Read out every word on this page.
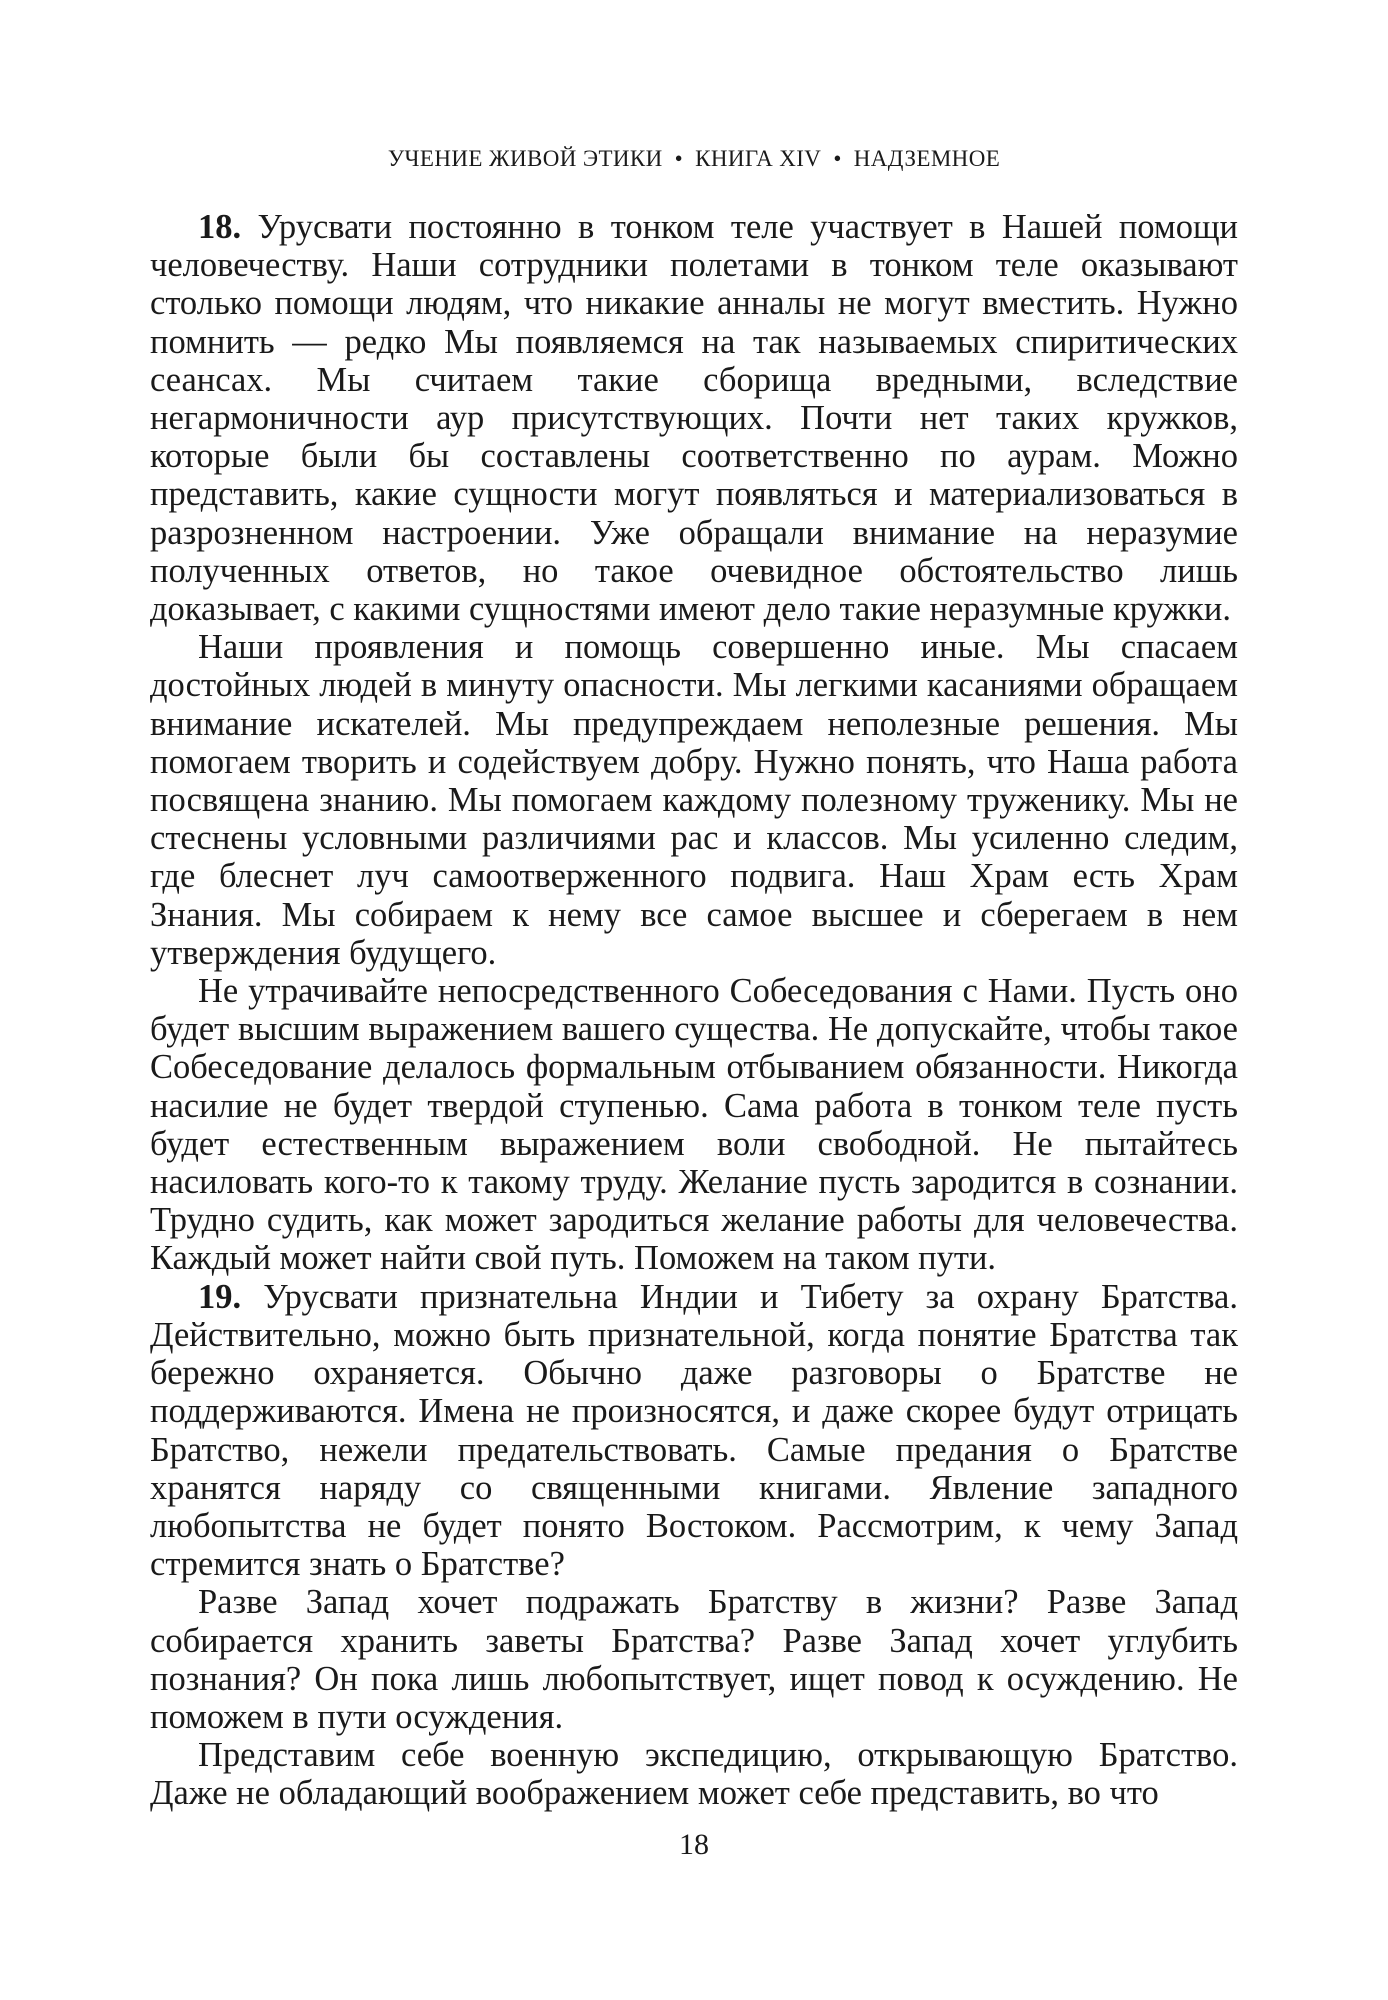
УЧЕНИЕ ЖИВОЙ ЭТИКИ • КНИГА XIV • НАДЗЕМНОЕ

18. Урусвати постоянно в тонком теле участвует в Нашей помощи человечеству. Наши сотрудники полетами в тонком теле оказывают столько помощи людям, что никакие анналы не могут вместить. Нужно помнить — редко Мы появляемся на так называемых спиритических сеансах. Мы считаем такие сборища вредными, вследствие негармоничности аур присутствующих. Почти нет таких кружков, которые были бы составлены соответственно по аурам. Можно представить, какие сущности могут появляться и материализоваться в разрозненном настроении. Уже обращали внимание на неразумие полученных ответов, но такое очевидное обстоятельство лишь доказывает, с какими сущностями имеют дело такие неразумные кружки.

Наши проявления и помощь совершенно иные. Мы спасаем достойных людей в минуту опасности. Мы легкими касаниями обращаем внимание искателей. Мы предупреждаем неполезные решения. Мы помогаем творить и содействуем добру. Нужно понять, что Наша работа посвящена знанию. Мы помогаем каждому полезному труженику. Мы не стеснены условными различиями рас и классов. Мы усиленно следим, где блеснет луч самоотверженного подвига. Наш Храм есть Храм Знания. Мы собираем к нему все самое высшее и сберегаем в нем утверждения будущего.

Не утрачивайте непосредственного Собеседования с Нами. Пусть оно будет высшим выражением вашего существа. Не допускайте, чтобы такое Собеседование делалось формальным отбыванием обязанности. Никогда насилие не будет твердой ступенью. Сама работа в тонком теле пусть будет естественным выражением воли свободной. Не пытайтесь насиловать кого-то к такому труду. Желание пусть зародится в сознании. Трудно судить, как может зародиться желание работы для человечества. Каждый может найти свой путь. Поможем на таком пути.

19. Урусвати признательна Индии и Тибету за охрану Братства. Действительно, можно быть признательной, когда понятие Братства так бережно охраняется. Обычно даже разговоры о Братстве не поддерживаются. Имена не произносятся, и даже скорее будут отрицать Братство, нежели предательствовать. Самые предания о Братстве хранятся наряду со священными книгами. Явление западного любопытства не будет понято Востоком. Рассмотрим, к чему Запад стремится знать о Братстве?

Разве Запад хочет подражать Братству в жизни? Разве Запад собирается хранить заветы Братства? Разве Запад хочет углубить познания? Он пока лишь любопытствует, ищет повод к осуждению. Не поможем в пути осуждения.

Представим себе военную экспедицию, открывающую Братство. Даже не обладающий воображением может себе представить, во что

18
